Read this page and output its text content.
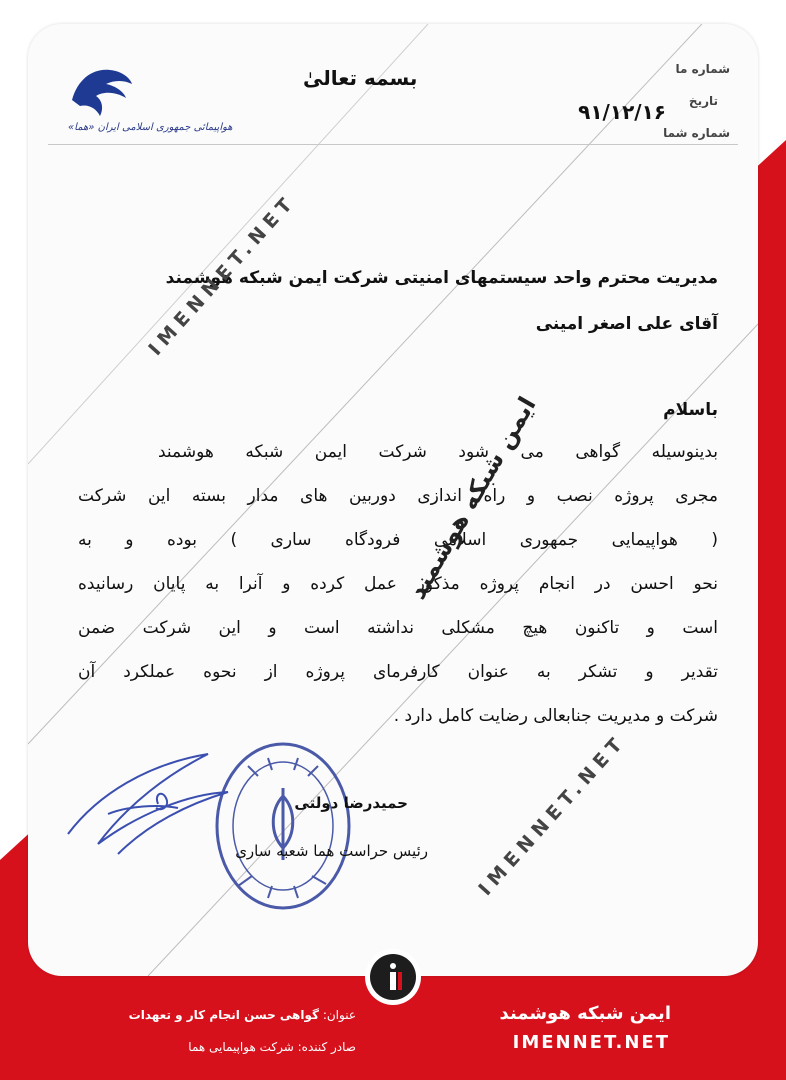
هواپیمائی جمهوری اسلامی ایران «هما»
بسمه تعالیٰ	شماره ما
تاریخ
شماره شما
۹۱/۱۲/۱۶
مدیریت محترم واحد سیستمهای امنیتی شرکت ایمن شبکه هوشمند
آقای علی اصغر امینی
باسلام
بدینوسیله گواهی می شود شرکت ایمن شبکه هوشمند
مجری پروژه نصب و راه اندازی دوربین های مدار بسته این شرکت
( هواپیمایی جمهوری اسلامی فرودگاه ساری ) بوده و به
نحو احسن در انجام پروژه مذکور عمل کرده و آنرا به پایان رسانیده
است و تاکنون هیچ مشکلی نداشته است و این شرکت ضمن
تقدیر و تشکر به عنوان کارفرمای پروژه از نحوه عملکرد آن
شرکت و مدیریت جنابعالی رضایت کامل دارد .
حمیدرضا دولتی
رئیس حراست هما شعبه ساری
IMENNET.NET
IMENNET.NET
ایمن شبکه هوشمند
ایمن شبکه هوشمند
IMENNET.NET
عنوان: گواهی حسن انجام کار و تعهدات
صادر کننده: شرکت هواپیمایی هما
